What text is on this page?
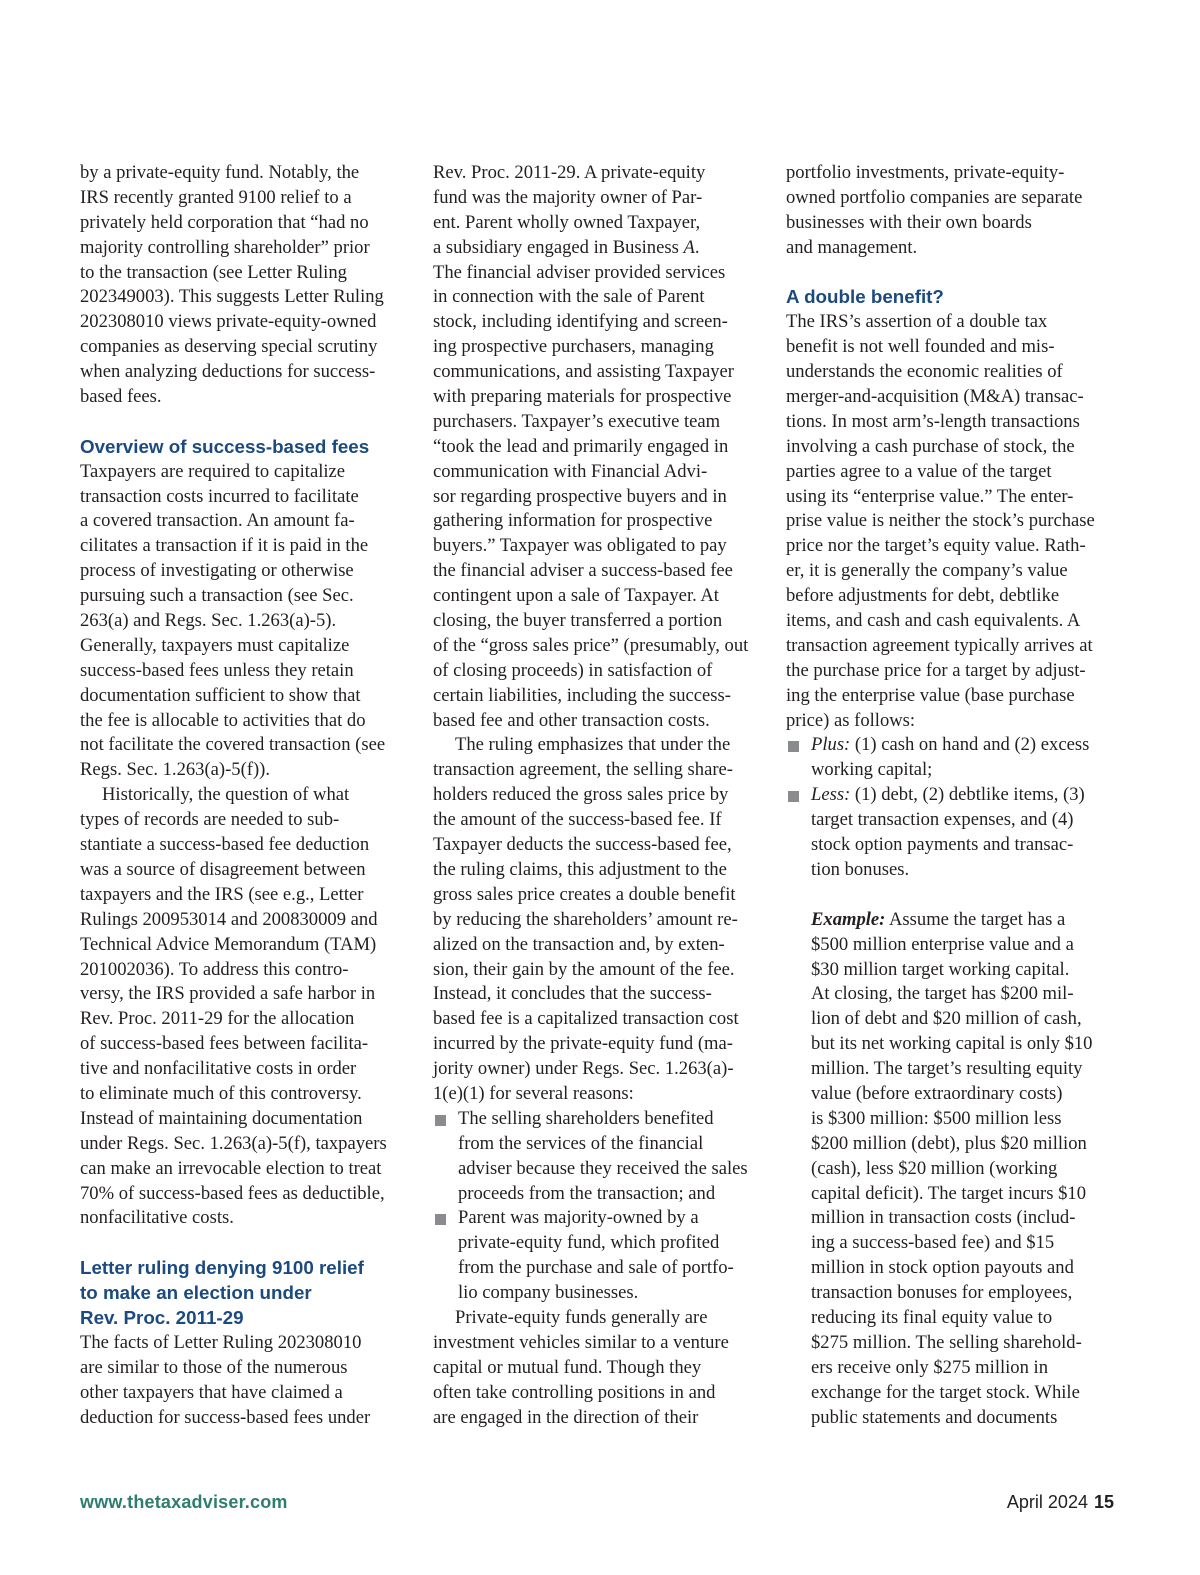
by a private-equity fund. Notably, the
IRS recently granted 9100 relief to a
privately held corporation that “had no
majority controlling shareholder” prior
to the transaction (see Letter Ruling
202349003). This suggests Letter Ruling
202308010 views private-equity-owned
companies as deserving special scrutiny
when analyzing deductions for success-
based fees.
Overview of success-based fees
Taxpayers are required to capitalize
transaction costs incurred to facilitate
a covered transaction. An amount fa-
cilitates a transaction if it is paid in the
process of investigating or otherwise
pursuing such a transaction (see Sec.
263(a) and Regs. Sec. 1.263(a)-5).
Generally, taxpayers must capitalize
success-based fees unless they retain
documentation sufficient to show that
the fee is allocable to activities that do
not facilitate the covered transaction (see
Regs. Sec. 1.263(a)-5(f)).
Historically, the question of what
types of records are needed to sub-
stantiate a success-based fee deduction
was a source of disagreement between
taxpayers and the IRS (see e.g., Letter
Rulings 200953014 and 200830009 and
Technical Advice Memorandum (TAM)
201002036). To address this contro-
versy, the IRS provided a safe harbor in
Rev. Proc. 2011-29 for the allocation
of success-based fees between facilita-
tive and nonfacilitative costs in order
to eliminate much of this controversy.
Instead of maintaining documentation
under Regs. Sec. 1.263(a)-5(f), taxpayers
can make an irrevocable election to treat
70% of success-based fees as deductible,
nonfacilitative costs.
Letter ruling denying 9100 relief
to make an election under
Rev. Proc. 2011-29
The facts of Letter Ruling 202308010
are similar to those of the numerous
other taxpayers that have claimed a
deduction for success-based fees under
Rev. Proc. 2011-29. A private-equity
fund was the majority owner of Par-
ent. Parent wholly owned Taxpayer,
a subsidiary engaged in Business A.
The financial adviser provided services
in connection with the sale of Parent
stock, including identifying and screen-
ing prospective purchasers, managing
communications, and assisting Taxpayer
with preparing materials for prospective
purchasers. Taxpayer’s executive team
“took the lead and primarily engaged in
communication with Financial Advi-
sor regarding prospective buyers and in
gathering information for prospective
buyers.” Taxpayer was obligated to pay
the financial adviser a success-based fee
contingent upon a sale of Taxpayer. At
closing, the buyer transferred a portion
of the “gross sales price” (presumably, out
of closing proceeds) in satisfaction of
certain liabilities, including the success-
based fee and other transaction costs.
The ruling emphasizes that under the
transaction agreement, the selling share-
holders reduced the gross sales price by
the amount of the success-based fee. If
Taxpayer deducts the success-based fee,
the ruling claims, this adjustment to the
gross sales price creates a double benefit
by reducing the shareholders’ amount re-
alized on the transaction and, by exten-
sion, their gain by the amount of the fee.
Instead, it concludes that the success-
based fee is a capitalized transaction cost
incurred by the private-equity fund (ma-
jority owner) under Regs. Sec. 1.263(a)-
1(e)(1) for several reasons:
The selling shareholders benefited
from the services of the financial
adviser because they received the sales
proceeds from the transaction; and
Parent was majority-owned by a
private-equity fund, which profited
from the purchase and sale of portfo-
lio company businesses.
Private-equity funds generally are
investment vehicles similar to a venture
capital or mutual fund. Though they
often take controlling positions in and
are engaged in the direction of their
portfolio investments, private-equity-
owned portfolio companies are separate
businesses with their own boards
and management.
A double benefit?
The IRS’s assertion of a double tax
benefit is not well founded and mis-
understands the economic realities of
merger-and-acquisition (M&A) transac-
tions. In most arm’s-length transactions
involving a cash purchase of stock, the
parties agree to a value of the target
using its “enterprise value.” The enter-
prise value is neither the stock’s purchase
price nor the target’s equity value. Rath-
er, it is generally the company’s value
before adjustments for debt, debtlike
items, and cash and cash equivalents. A
transaction agreement typically arrives at
the purchase price for a target by adjust-
ing the enterprise value (base purchase
price) as follows:
Plus: (1) cash on hand and (2) excess
working capital;
Less: (1) debt, (2) debtlike items, (3)
target transaction expenses, and (4)
stock option payments and transac-
tion bonuses.
Example: Assume the target has a
$500 million enterprise value and a
$30 million target working capital.
At closing, the target has $200 mil-
lion of debt and $20 million of cash,
but its net working capital is only $10
million. The target’s resulting equity
value (before extraordinary costs)
is $300 million: $500 million less
$200 million (debt), plus $20 million
(cash), less $20 million (working
capital deficit). The target incurs $10
million in transaction costs (includ-
ing a success-based fee) and $15
million in stock option payouts and
transaction bonuses for employees,
reducing its final equity value to
$275 million. The selling sharehold-
ers receive only $275 million in
exchange for the target stock. While
public statements and documents
www.thetaxadviser.com	April 2024 15
